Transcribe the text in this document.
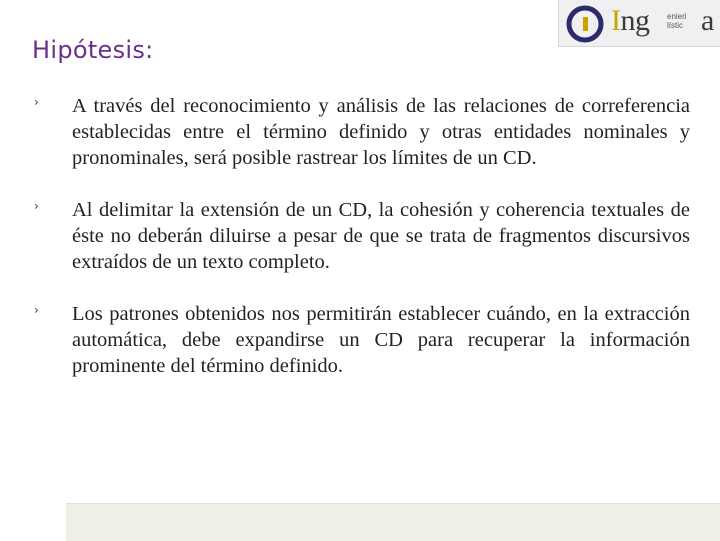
Hipótesis:
Ing enieri
lístic a
› A través del reconocimiento y análisis de las relaciones de correferencia establecidas entre el término definido y otras entidades nominales y pronominales, será posible rastrear los límites de un CD.
› Al delimitar la extensión de un CD, la cohesión y coherencia textuales de éste no deberán diluirse a pesar de que se trata de fragmentos discursivos extraídos de un texto completo.
› Los patrones obtenidos nos permitirán establecer cuándo, en la extracción automática, debe expandirse un CD para recuperar la información prominente del término definido.
